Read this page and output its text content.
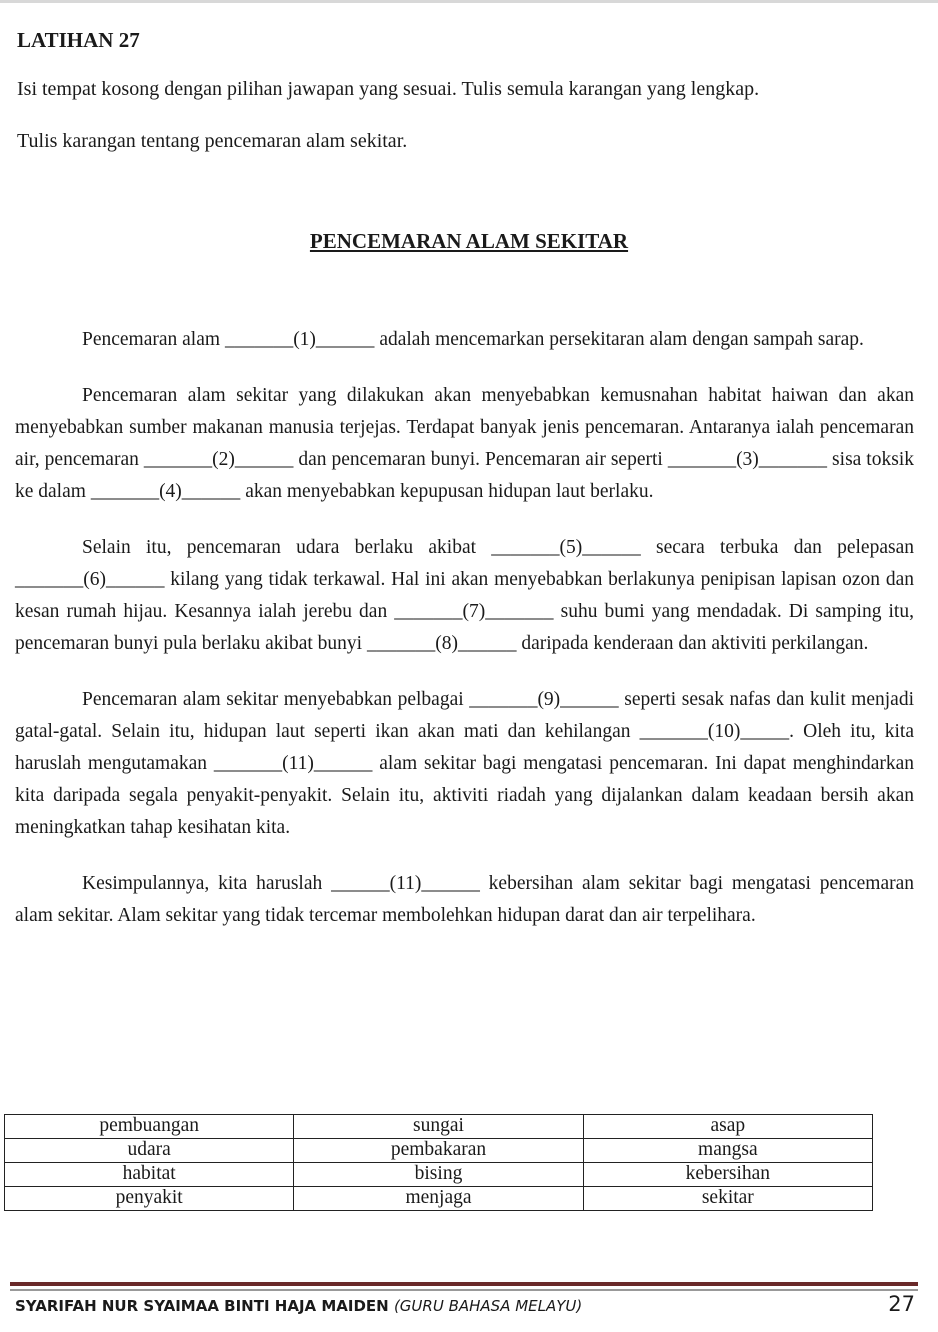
LATIHAN 27
Isi tempat kosong dengan pilihan jawapan yang sesuai. Tulis semula karangan yang lengkap.
Tulis karangan tentang pencemaran alam sekitar.
PENCEMARAN ALAM SEKITAR

Pencemaran alam _______(1)______ adalah mencemarkan persekitaran alam dengan sampah sarap.

Pencemaran alam sekitar yang dilakukan akan menyebabkan kemusnahan habitat haiwan dan akan menyebabkan sumber makanan manusia terjejas. Terdapat banyak jenis pencemaran. Antaranya ialah pencemaran air, pencemaran _______(2)______ dan pencemaran bunyi. Pencemaran air seperti _______(3)_______ sisa toksik ke dalam _______(4)______ akan menyebabkan kepupusan hidupan laut berlaku.

Selain itu, pencemaran udara berlaku akibat _______(5)______ secara terbuka dan pelepasan _______(6)______ kilang yang tidak terkawal. Hal ini akan menyebabkan berlakunya penipisan lapisan ozon dan kesan rumah hijau. Kesannya ialah jerebu dan _______(7)_______ suhu bumi yang mendadak. Di samping itu, pencemaran bunyi pula berlaku akibat bunyi _______(8)______ daripada kenderaan dan aktiviti perkilangan.

Pencemaran alam sekitar menyebabkan pelbagai _______(9)______ seperti sesak nafas dan kulit menjadi gatal-gatal. Selain itu, hidupan laut seperti ikan akan mati dan kehilangan _______(10)_____. Oleh itu, kita haruslah mengutamakan _______(11)______ alam sekitar bagi mengatasi pencemaran. Ini dapat menghindarkan kita daripada segala penyakit-penyakit. Selain itu, aktiviti riadah yang dijalankan dalam keadaan bersih akan meningkatkan tahap kesihatan kita.

Kesimpulannya, kita haruslah ______(11)______ kebersihan alam sekitar bagi mengatasi pencemaran alam sekitar. Alam sekitar yang tidak tercemar membolehkan hidupan darat dan air terpelihara.

pembuangan	sungai	asap
udara	pembakaran	mangsa
habitat	bising	kebersihan
penyakit	menjaga	sekitar
SYARIFAH NUR SYAIMAA BINTI HAJA MAIDEN (GURU BAHASA MELAYU)	27
